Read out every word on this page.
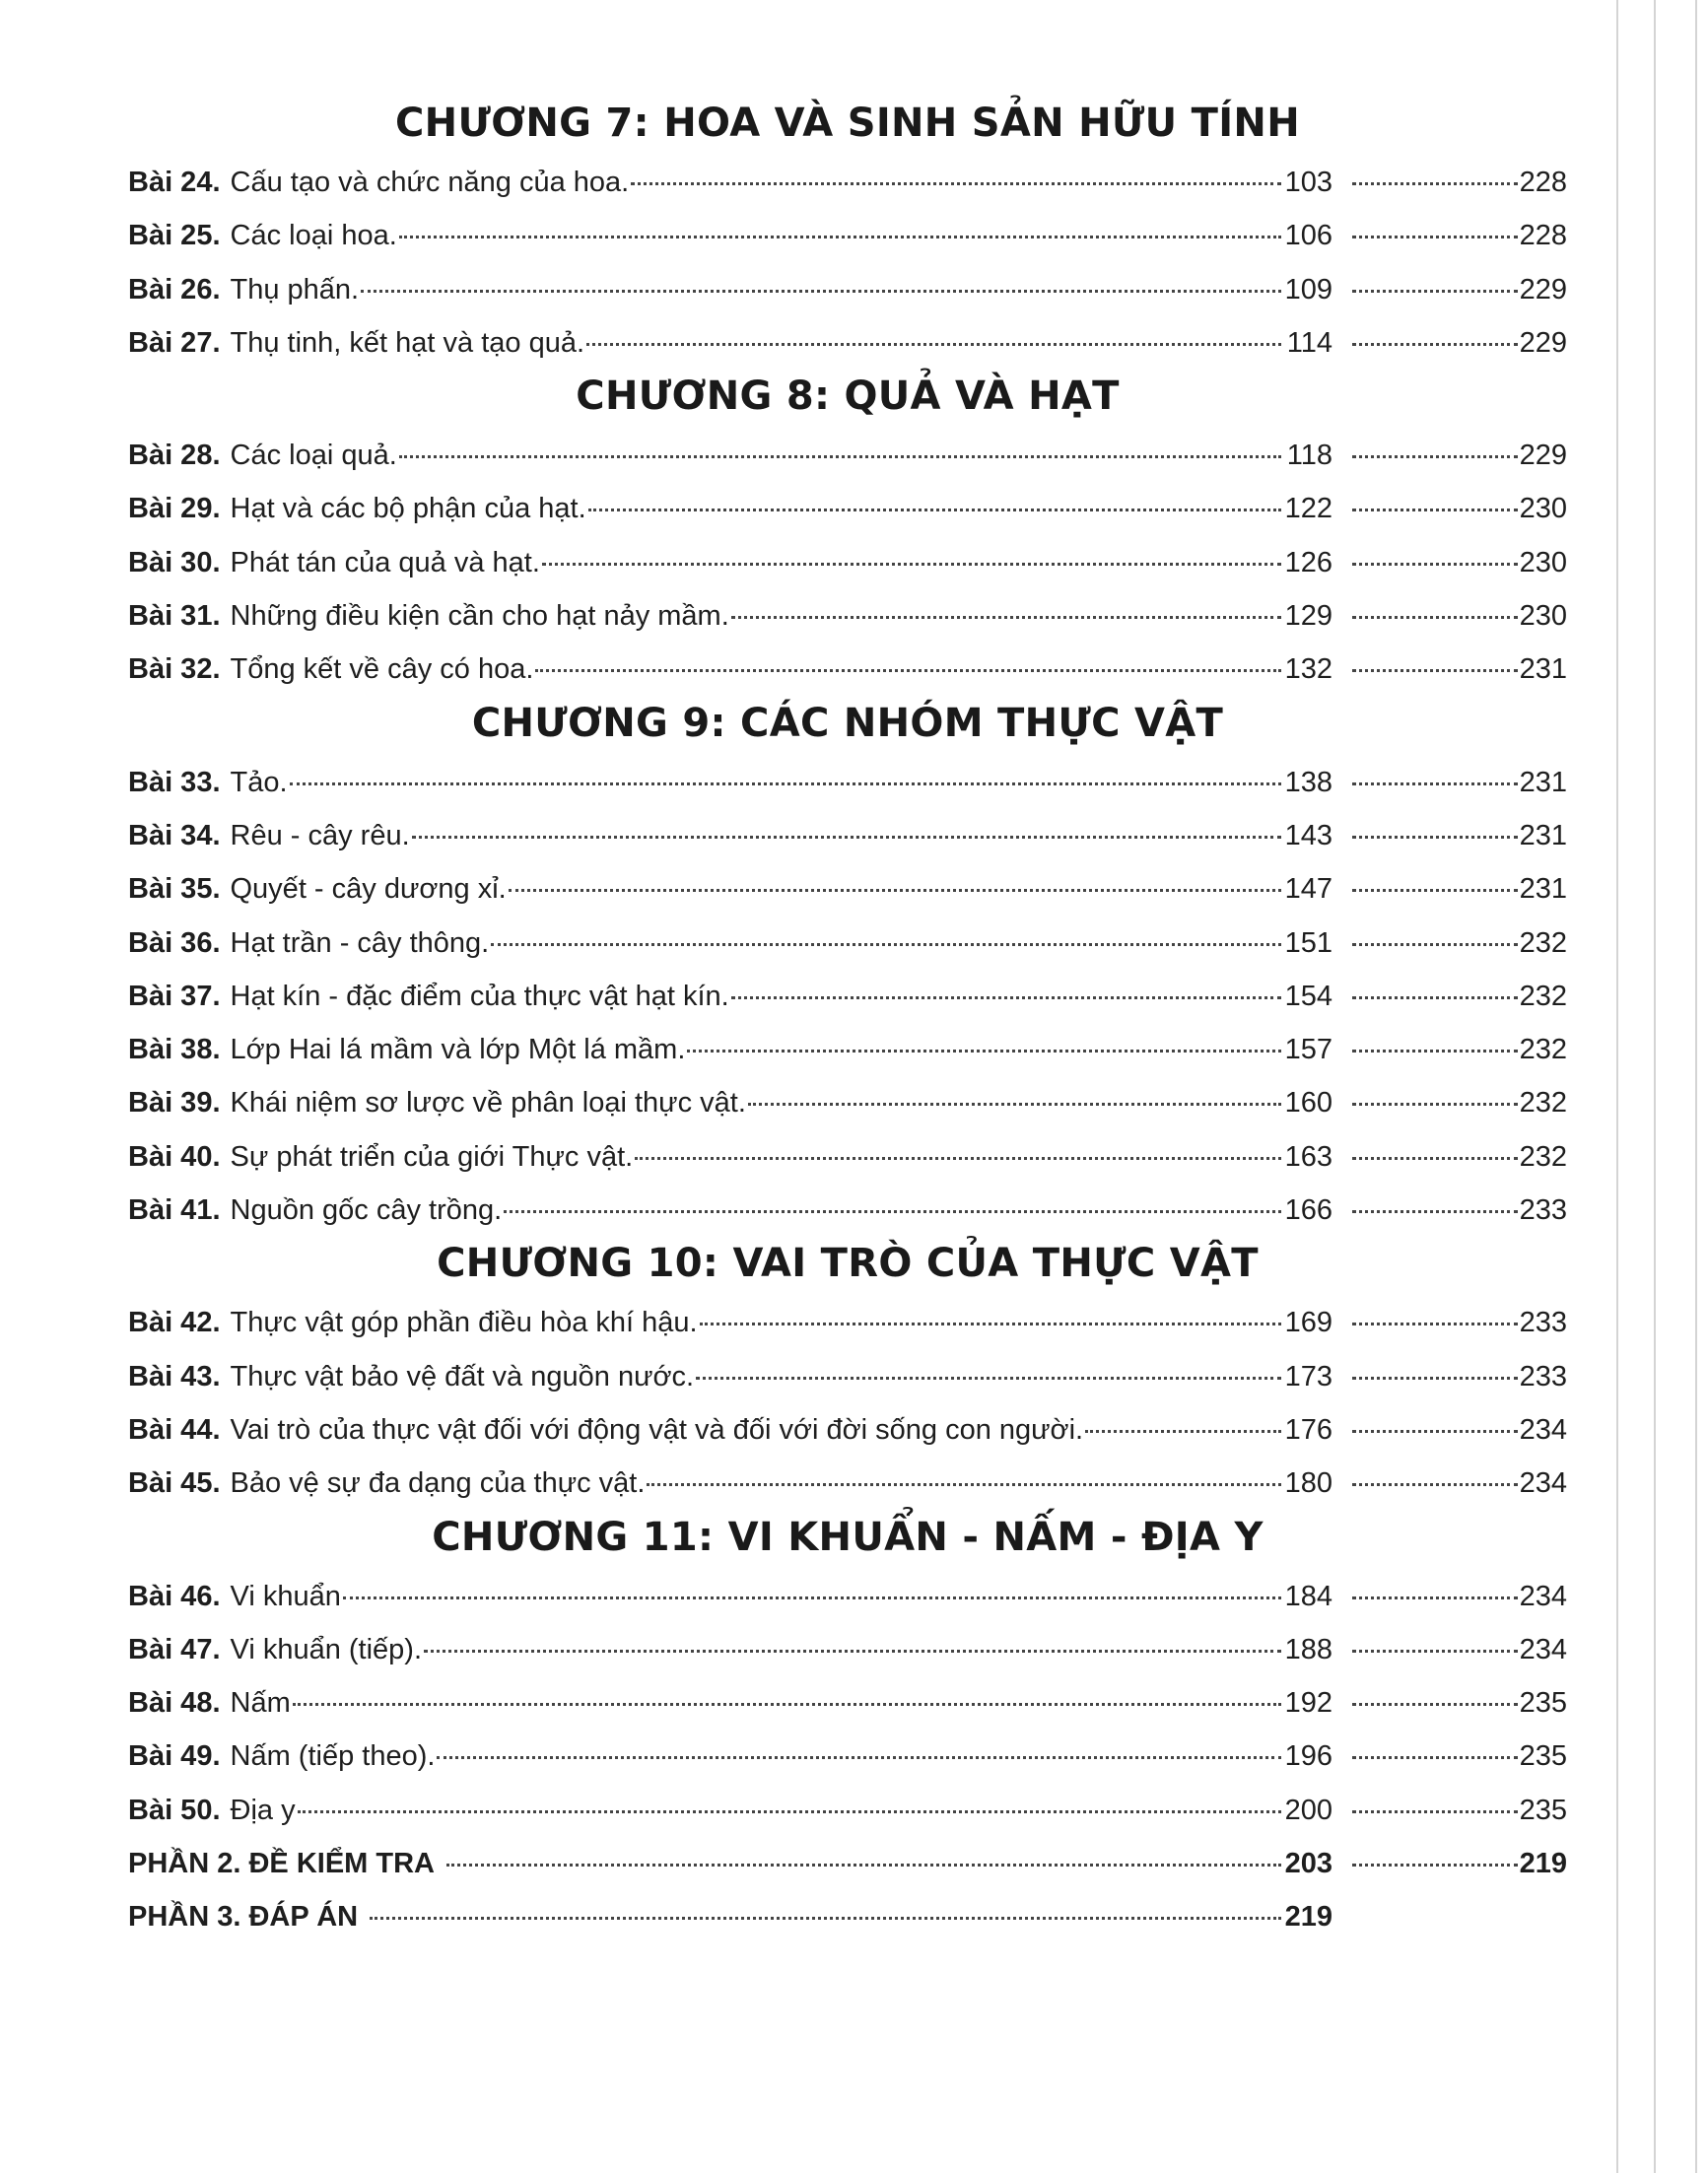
CHƯƠNG 7: HOA VÀ SINH SẢN HỮU TÍNH
Bài 24. Cấu tạo và chức năng của hoa.	103	228
Bài 25. Các loại hoa.	106	228
Bài 26. Thụ phấn.	109	229
Bài 27. Thụ tinh, kết hạt và tạo quả.	114	229
CHƯƠNG 8: QUẢ VÀ HẠT
Bài 28. Các loại quả.	118	229
Bài 29. Hạt và các bộ phận của hạt.	122	230
Bài 30. Phát tán của quả và hạt.	126	230
Bài 31. Những điều kiện cần cho hạt nảy mầm.	129	230
Bài 32. Tổng kết về cây có hoa.	132	231
CHƯƠNG 9: CÁC NHÓM THỰC VẬT
Bài 33. Tảo.	138	231
Bài 34. Rêu - cây rêu.	143	231
Bài 35. Quyết - cây dương xỉ.	147	231
Bài 36. Hạt trần - cây thông.	151	232
Bài 37. Hạt kín - đặc điểm của thực vật hạt kín.	154	232
Bài 38. Lớp Hai lá mầm và lớp Một lá mầm.	157	232
Bài 39. Khái niệm sơ lược về phân loại thực vật.	160	232
Bài 40. Sự phát triển của giới Thực vật.	163	232
Bài 41. Nguồn gốc cây trồng.	166	233
CHƯƠNG 10: VAI TRÒ CỦA THỰC VẬT
Bài 42. Thực vật góp phần điều hòa khí hậu.	169	233
Bài 43. Thực vật bảo vệ đất và nguồn nước.	173	233
Bài 44. Vai trò của thực vật đối với động vật và đối với đời sống con người.	176	234
Bài 45. Bảo vệ sự đa dạng của thực vật.	180	234
CHƯƠNG 11: VI KHUẨN - NẤM - ĐỊA Y
Bài 46. Vi khuẩn	184	234
Bài 47. Vi khuẩn (tiếp).	188	234
Bài 48. Nấm	192	235
Bài 49. Nấm (tiếp theo).	196	235
Bài 50. Địa y	200	235
PHẦN 2. ĐỀ KIỂM TRA	203	219
PHẦN 3. ĐÁP ÁN	219
